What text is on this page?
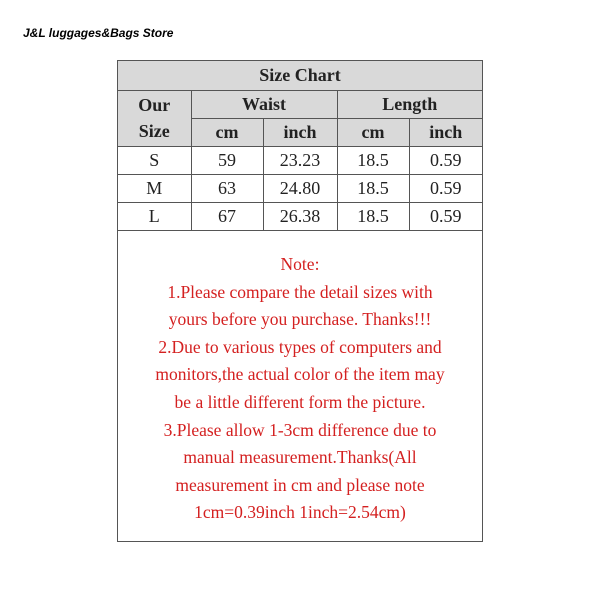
J&L luggages&Bags Store
Size Chart				

Our
Size	Waist		Length	
	cm	inch	cm	inch
S	59	23.23	18.5	0.59
M	63	24.80	18.5	0.59
L	67	26.38	18.5	0.59
Note:
1.Please compare the detail sizes with
yours before you purchase. Thanks!!!
2.Due to various types of computers and
monitors,the actual color of the item may
be a little different form the picture.
3.Please allow 1-3cm difference due to
manual measurement.Thanks(All
measurement in cm and please note
1cm=0.39inch 1inch=2.54cm)
